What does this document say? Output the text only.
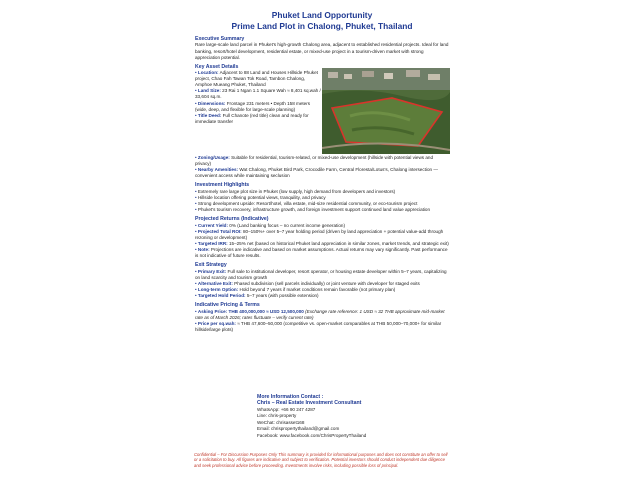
Phuket Land Opportunity
Prime Land Plot in Chalong, Phuket, Thailand
Executive Summary
Rare large-scale land parcel in Phuket's high-growth Chalong area, adjacent to established residential projects. Ideal for land banking, resort/hotel development, residential estate, or mixed-use project in a tourism-driven market with strong appreciation potential.
Key Asset Details
• Location: Adjacent to 88 Land and Houses Hillside Phuket project, Chao Fah Tawan Tok Road, Tambon Chalong, Amphoe Mueang Phuket, Thailand
• Land Size: 23 Rai 1 Ngan 1.1 Square Wah ≈ 8,401 sq.wah / 33,604 sq.m.
• Dimensions: Frontage 231 meters • Depth 158 meters (wide, deep, and flexible for large-scale planning)
• Title Deed: Full Chanote (red title) clean and ready for immediate transfer
• Zoning/Usage: Suitable for residential, tourism-related, or mixed-use development (hillside with potential views and privacy)
• Nearby Amenities: Wat Chalong, Phuket Bird Park, Crocodile Farm, Central Floresta/Lotus's, Chalong intersection — convenient access while maintaining seclusion
Investment Highlights
• Extremely rare large plot size in Phuket (low supply, high demand from developers and investors)
• Hillside location offering potential views, tranquility, and privacy
• Strong development upside: Resort/hotel, villa estate, mid-size residential community, or eco-tourism project
• Phuket's tourism recovery, infrastructure growth, and foreign investment support continued land value appreciation
Projected Returns (Indicative)
• Current Yield: 0% (Land banking focus – no current income generation)
• Projected Total ROI: 80–150%+ over 5–7 year holding period (driven by land appreciation + potential value-add through rezoning or development)
• Targeted IRR: 15–25% net (based on historical Phuket land appreciation in similar zones, market trends, and strategic exit)
• Note: Projections are indicative and based on market assumptions. Actual returns may vary significantly. Past performance is not indicative of future results.
Exit Strategy
• Primary Exit: Full sale to institutional developer, resort operator, or housing estate developer within 5–7 years, capitalizing on land scarcity and tourism growth
• Alternative Exit: Phased subdivision (sell parcels individually) or joint venture with developer for staged exits
• Long-term Option: Hold beyond 7 years if market conditions remain favorable (not primary plan)
• Targeted Hold Period: 5–7 years (with possible extension)
Indicative Pricing & Terms
• Asking Price: THB 400,000,000 ≈ USD 12,500,000 (Exchange rate reference: 1 USD ≈ 32 THB approximate mid-market rate as of March 2026; rates fluctuate – verify current rate)
• Price per sq.wah: ≈ THB 47,600–50,000 (competitive vs. open-market comparables at THB 50,000–70,000+ for similar hillside/large plots)
More Information Contact :
Chris – Real Estate Investment Consultant
WhatsApp: +66 90 247 4287
Line: chris-property
WeChat: chrisasset168
Email: chrispropertythailand@gmail.com
Facebook: www.facebook.com/ChrisPropertyThailand
Confidential – For Discussion Purposes Only This summary is provided for informational purposes and does not constitute an offer to sell or a solicitation to buy. All figures are indicative and subject to verification. Potential investors should conduct independent due diligence and seek professional advice before proceeding. Investments involve risks, including possible loss of principal.
